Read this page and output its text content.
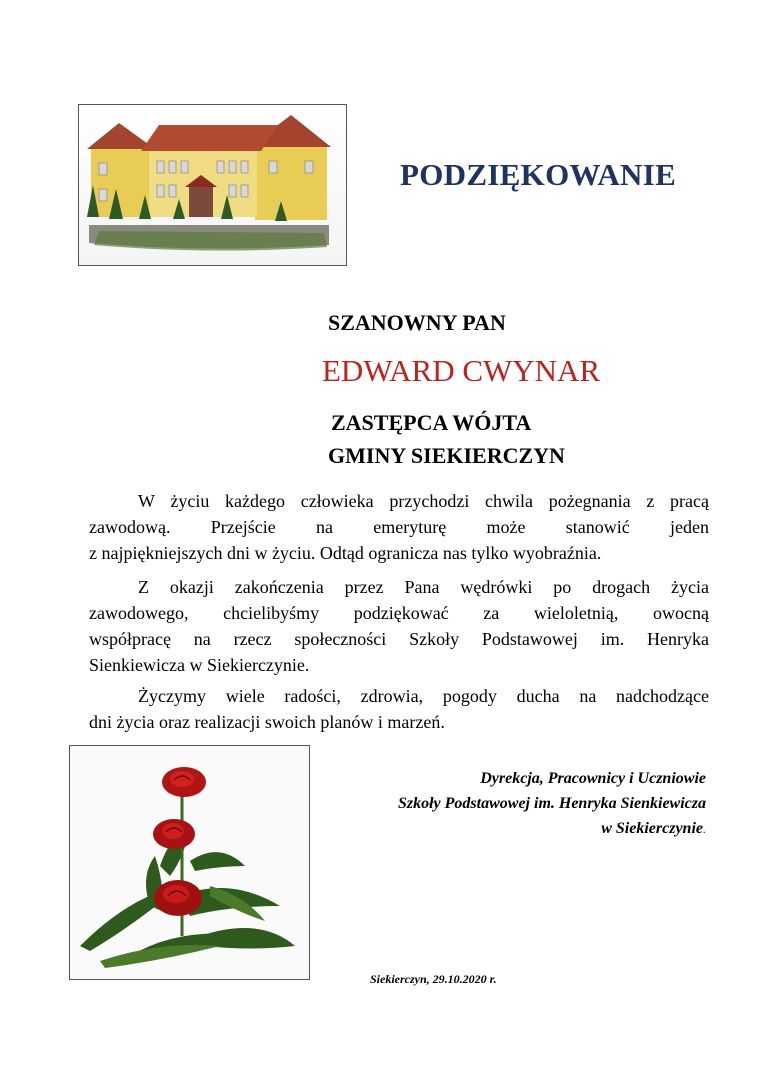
PODZIĘKOWANIE
SZANOWNY PAN
EDWARD CWYNAR
ZASTĘPCA WÓJTA
GMINY SIEKIERCZYN
W życiu każdego człowieka przychodzi chwila pożegnania z pracą
zawodową. Przejście na emeryturę może stanowić jeden
z najpiękniejszych dni w życiu. Odtąd ogranicza nas tylko wyobraźnia.
Z okazji zakończenia przez Pana wędrówki po drogach życia
zawodowego, chcielibyśmy podziękować za wieloletnią, owocną
współpracę na rzecz społeczności Szkoły Podstawowej im. Henryka
Sienkiewicza w Siekierczynie.
Życzymy wiele radości, zdrowia, pogody ducha na nadchodzące
dni życia oraz realizacji swoich planów i marzeń.
Dyrekcja, Pracownicy i Uczniowie
Szkoły Podstawowej im. Henryka Sienkiewicza
w Siekierczynie.
Siekierczyn, 29.10.2020 r.
